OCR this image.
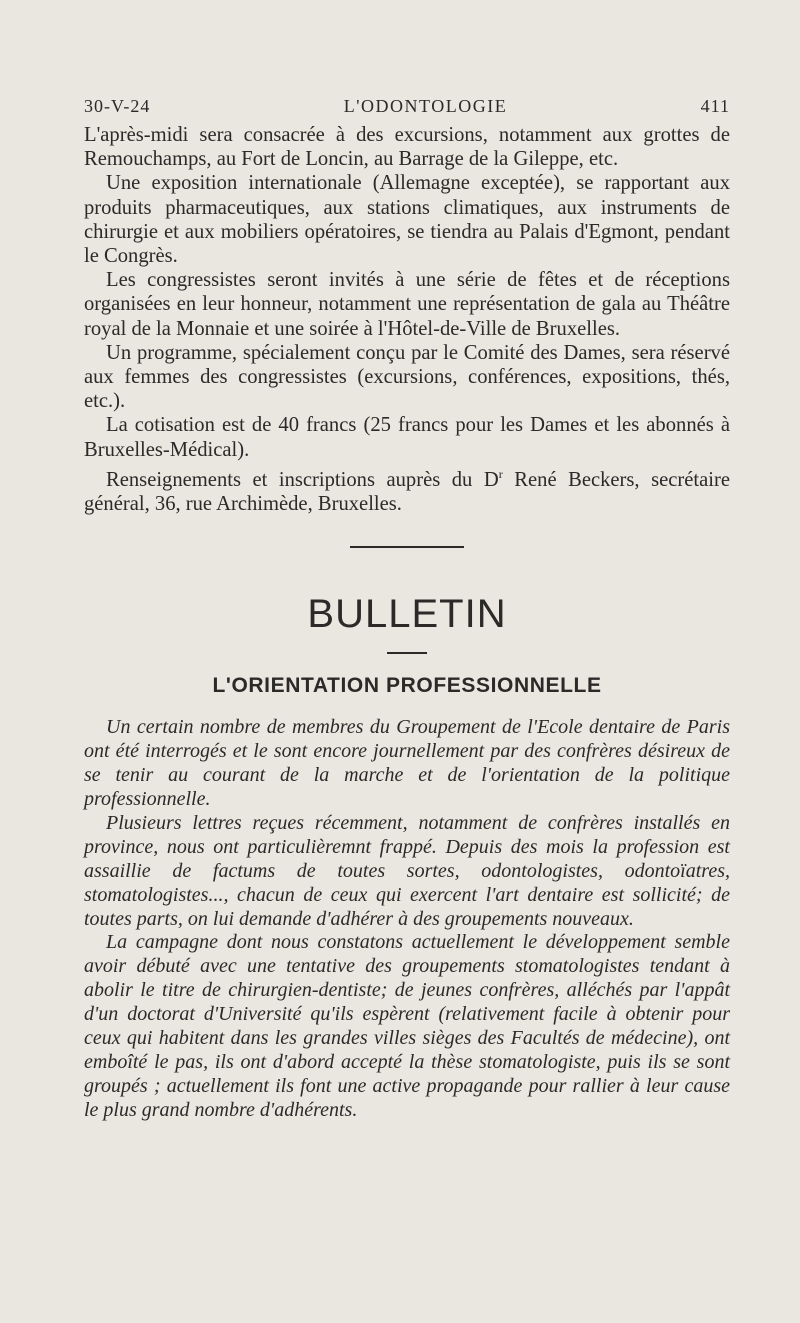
30-V-24	L'ODONTOLOGIE	411

L'après-midi sera consacrée à des excursions, notamment aux grottes de Remouchamps, au Fort de Loncin, au Barrage de la Gileppe, etc.

Une exposition internationale (Allemagne exceptée), se rapportant aux produits pharmaceutiques, aux stations climatiques, aux instruments de chirurgie et aux mobiliers opératoires, se tiendra au Palais d'Egmont, pendant le Congrès.

Les congressistes seront invités à une série de fêtes et de réceptions organisées en leur honneur, notamment une représentation de gala au Théâtre royal de la Monnaie et une soirée à l'Hôtel-de-Ville de Bruxelles.

Un programme, spécialement conçu par le Comité des Dames, sera réservé aux femmes des congressistes (excursions, conférences, expositions, thés, etc.).

La cotisation est de 40 francs (25 francs pour les Dames et les abonnés à Bruxelles-Médical).

Renseignements et inscriptions auprès du $D^r$ René Beckers, secrétaire général, 36, rue Archimède, Bruxelles.

BULLETIN
L'ORIENTATION PROFESSIONNELLE

Un certain nombre de membres du Groupement de l'Ecole dentaire de Paris ont été interrogés et le sont encore journellement par des confrères désireux de se tenir au courant de la marche et de l'orientation de la politique professionnelle.

Plusieurs lettres reçues récemment, notamment de confrères installés en province, nous ont particulièremnt frappé. Depuis des mois la profession est assaillie de factums de toutes sortes, odontologistes, odontoïatres, stomatologistes..., chacun de ceux qui exercent l'art dentaire est sollicité; de toutes parts, on lui demande d'adhérer à des groupements nouveaux.

La campagne dont nous constatons actuellement le développement semble avoir débuté avec une tentative des groupements stomatologistes tendant à abolir le titre de chirurgien-dentiste; de jeunes confrères, alléchés par l'appât d'un doctorat d'Université qu'ils espèrent (relativement facile à obtenir pour ceux qui habitent dans les grandes villes sièges des Facultés de médecine), ont emboîté le pas, ils ont d'abord accepté la thèse stomatologiste, puis ils se sont groupés ; actuellement ils font une active propagande pour rallier à leur cause le plus grand nombre d'adhérents.
